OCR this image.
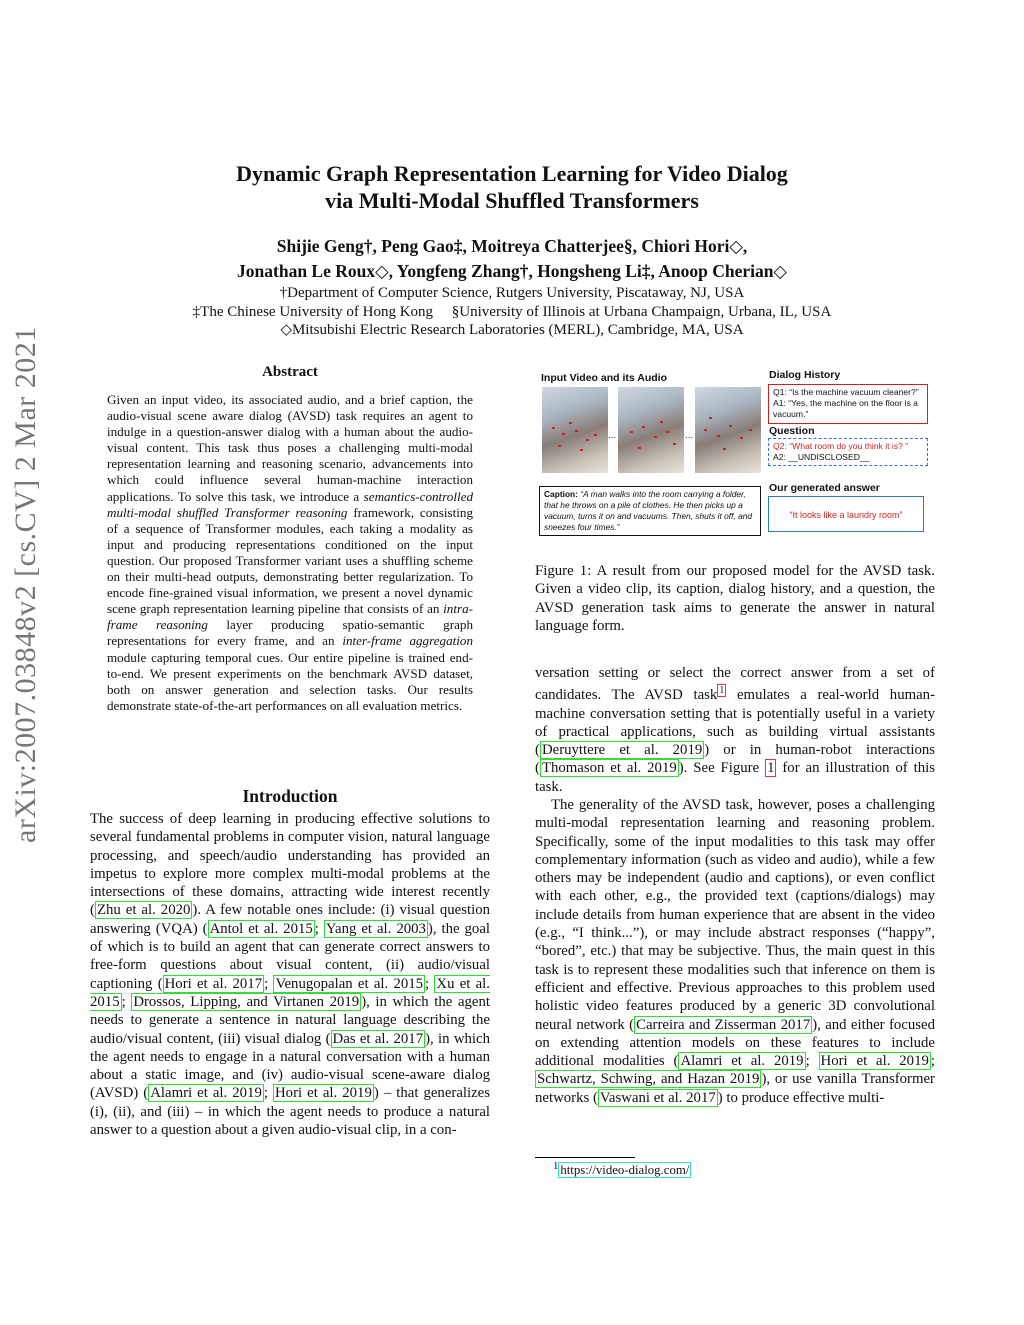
Dynamic Graph Representation Learning for Video Dialog
via Multi-Modal Shuffled Transformers
Shijie Geng†, Peng Gao‡, Moitreya Chatterjee§, Chiori Hori◇,
Jonathan Le Roux◇, Yongfeng Zhang†, Hongsheng Li‡, Anoop Cherian◇
†Department of Computer Science, Rutgers University, Piscataway, NJ, USA
‡The Chinese University of Hong Kong     §University of Illinois at Urbana Champaign, Urbana, IL, USA
◇Mitsubishi Electric Research Laboratories (MERL), Cambridge, MA, USA
arXiv:2007.03848v2 [cs.CV] 2 Mar 2021	Abstract
Given an input video, its associated audio, and a brief caption, the audio-visual scene aware dialog (AVSD) task requires an agent to indulge in a question-answer dialog with a human about the audio-visual content. This task thus poses a challenging multi-modal representation learning and reasoning scenario, advancements into which could influence several human-machine interaction applications. To solve this task, we introduce a semantics-controlled multi-modal shuffled Transformer reasoning framework, consisting of a sequence of Transformer modules, each taking a modality as input and producing representations conditioned on the input question. Our proposed Transformer variant uses a shuffling scheme on their multi-head outputs, demonstrating better regularization. To encode fine-grained visual information, we present a novel dynamic scene graph representation learning pipeline that consists of an intra-frame reasoning layer producing spatio-semantic graph representations for every frame, and an inter-frame aggregation module capturing temporal cues. Our entire pipeline is trained end-to-end. We present experiments on the benchmark AVSD dataset, both on answer generation and selection tasks. Our results demonstrate state-of-the-art performances on all evaluation metrics.
Introduction

The success of deep learning in producing effective solutions to several fundamental problems in computer vision, natural language processing, and speech/audio understanding has provided an impetus to explore more complex multi-modal problems at the intersections of these domains, attracting wide interest recently ( Zhu et al. 2020 ). A few notable ones include: (i) visual question answering (VQA) ( Antol et al. 2015 ; Yang et al. 2003 ), the goal of which is to build an agent that can generate correct answers to free-form questions about visual content, (ii) audio/visual captioning ( Hori et al. 2017 ; Venugopalan et al. 2015 ; Xu et al. 2015 ; Drossos, Lipping, and Virtanen 2019 ), in which the agent needs to generate a sentence in natural language describing the audio/visual content, (iii) visual dialog ( Das et al. 2017 ), in which the agent needs to engage in a natural conversation with a human about a static image, and (iv) audio-visual scene-aware dialog (AVSD) ( Alamri et al. 2019 ; Hori et al. 2019 ) – that generalizes (i), (ii), and (iii) – in which the agent needs to produce a natural answer to a question about a given audio-visual clip, in a con-

Input Video and its Audio
...	...
Caption: “A man walks into the room carrying a folder, that he throws on a pile of clothes. He then picks up a vacuum, turns it on and vacuums. Then, shuts it off, and sneezes four times.”
Dialog History
Q1: “Is the machine vacuum cleaner?”
A1: “Yes, the machine on the floor is a vacuum.”
Question
Q2: “What room do you think it is? ”
A2: __UNDISCLOSED__
Our generated answer
“It looks like a laundry room”
Figure 1: A result from our proposed model for the AVSD task. Given a video clip, its caption, dialog history, and a question, the AVSD generation task aims to generate the answer in natural language form.

versation setting or select the correct answer from a set of candidates. The AVSD task $^1$ emulates a real-world human-machine conversation setting that is potentially useful in a variety of practical applications, such as building virtual assistants ( Deruyttere et al. 2019 ) or in human-robot interactions ( Thomason et al. 2019 ). See Figure 1 for an illustration of this task.

The generality of the AVSD task, however, poses a challenging multi-modal representation learning and reasoning problem. Specifically, some of the input modalities to this task may offer complementary information (such as video and audio), while a few others may be independent (audio and captions), or even conflict with each other, e.g., the provided text (captions/dialogs) may include details from human experience that are absent in the video (e.g., “I think...”), or may include abstract responses (“happy”, “bored”, etc.) that may be subjective. Thus, the main quest in this task is to represent these modalities such that inference on them is efficient and effective. Previous approaches to this problem used holistic video features produced by a generic 3D convolutional neural network ( Carreira and Zisserman 2017 ), and either focused on extending attention models on these features to include additional modalities ( Alamri et al. 2019 ; Hori et al. 2019 ; Schwartz, Schwing, and Hazan 2019 ), or use vanilla Transformer networks ( Vaswani et al. 2017 ) to produce effective multi-

$^1$ https://video-dialog.com/
